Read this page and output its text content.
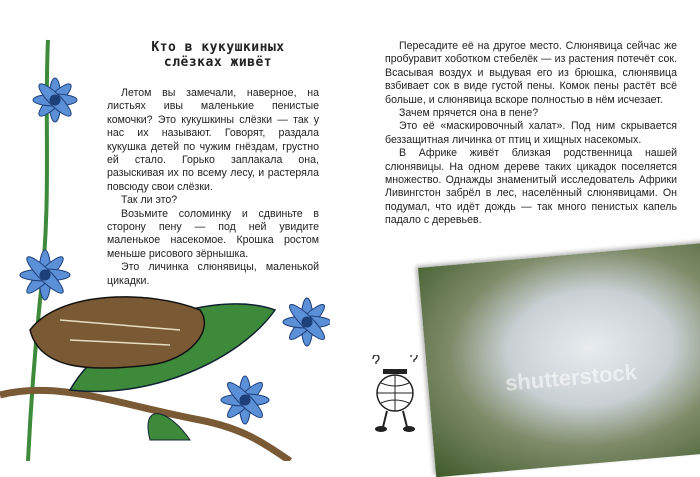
Кто в кукушкиных
слёзках живёт

Летом вы замечали, наверное, на листьях ивы маленькие пенистые комочки? Это кукушкины слёзки — так у нас их называют. Говорят, раздала кукушка детей по чужим гнёздам, грустно ей стало. Горько заплакала она, разыскивая их по всему лесу, и растеряла повсюду свои слёзки.

Так ли это?

Возьмите соломинку и сдвиньте в сторону пену — под ней увидите маленькое насекомое. Крошка ростом меньше рисового зёрнышка.

Это личинка слюнявицы, маленькой цикадки.

Пересадите её на другое место. Слюнявица сейчас же пробуравит хоботком стебелёк — из растения потечёт сок. Всасывая воздух и выдувая его из брюшка, слюнявица взбивает сок в виде густой пены. Комок пены растёт всё больше, и слюнявица вскоре полностью в нём исчезает.

Зачем прячется она в пене?

Это её «маскировочный халат». Под ним скрывается беззащитная личинка от птиц и хищных насекомых.

В Африке живёт близкая родственница нашей слюнявицы. На одном дереве таких цикадок поселяется множество. Однажды знаменитый исследователь Африки Ливингстон забрёл в лес, населённый слюнявицами. Он подумал, что идёт дождь — так много пенистых капель падало с деревьев.

shutterstock
